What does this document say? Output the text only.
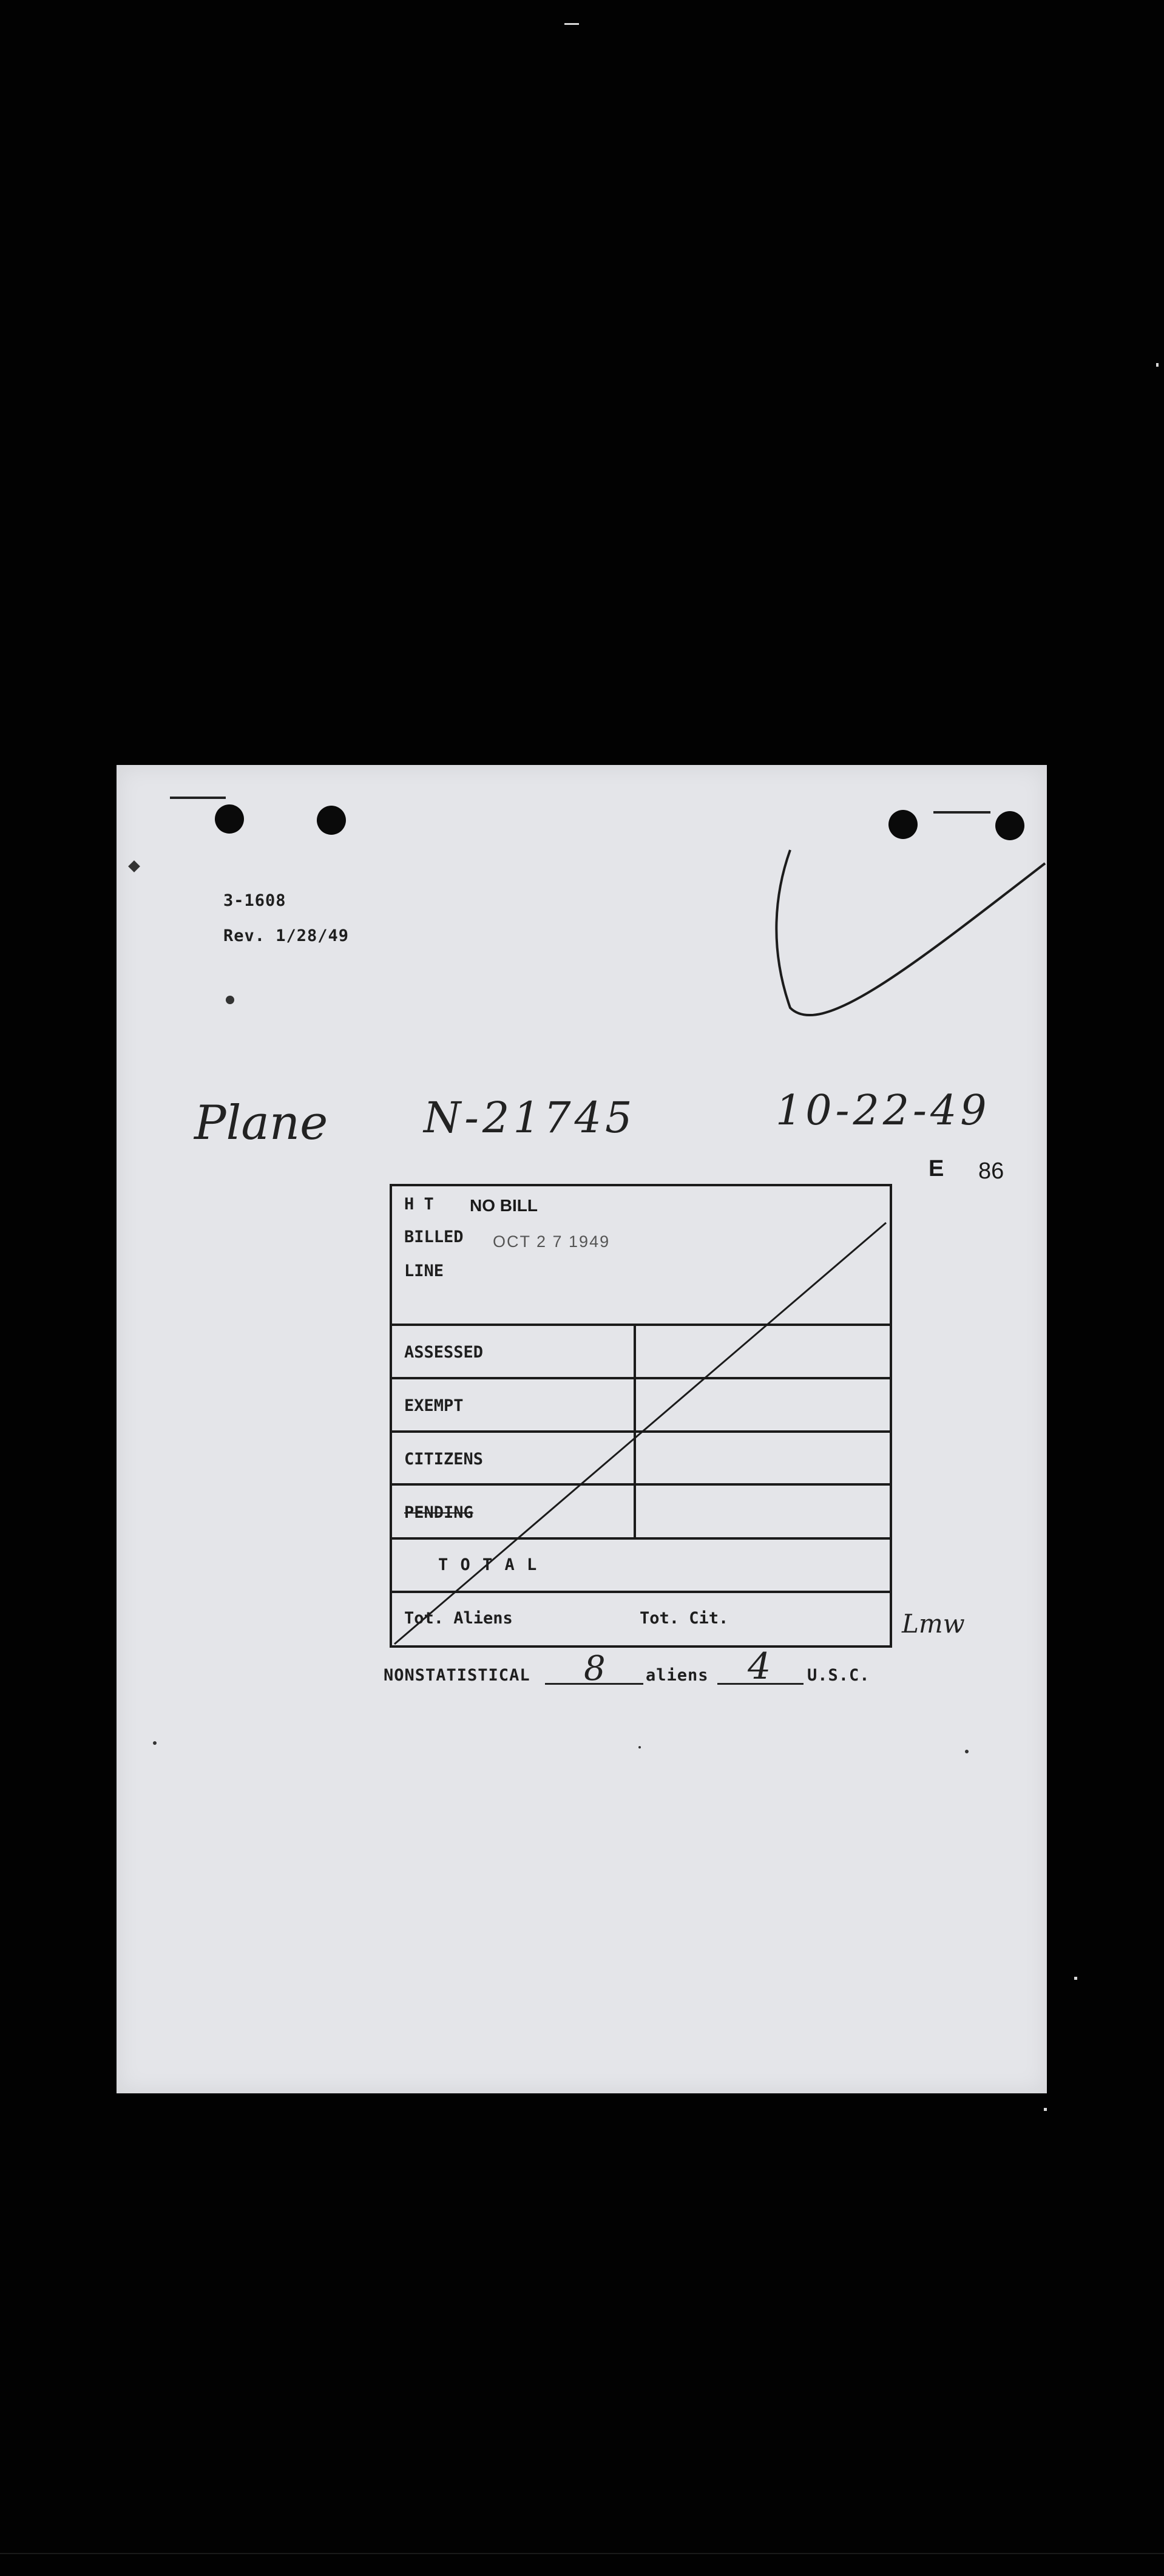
3-1608
Rev. 1/28/49
Plane N-21745	10-22-49
E 86
H T NO BILL
BILLED OCT 2 7 1949
LINE
ASSESSED
EXEMPT
CITIZENS
PENDING
T O T A L
Tot. Aliens	Tot. Cit.	Lmw
NONSTATISTICAL 8 aliens 4 U.S.C.
